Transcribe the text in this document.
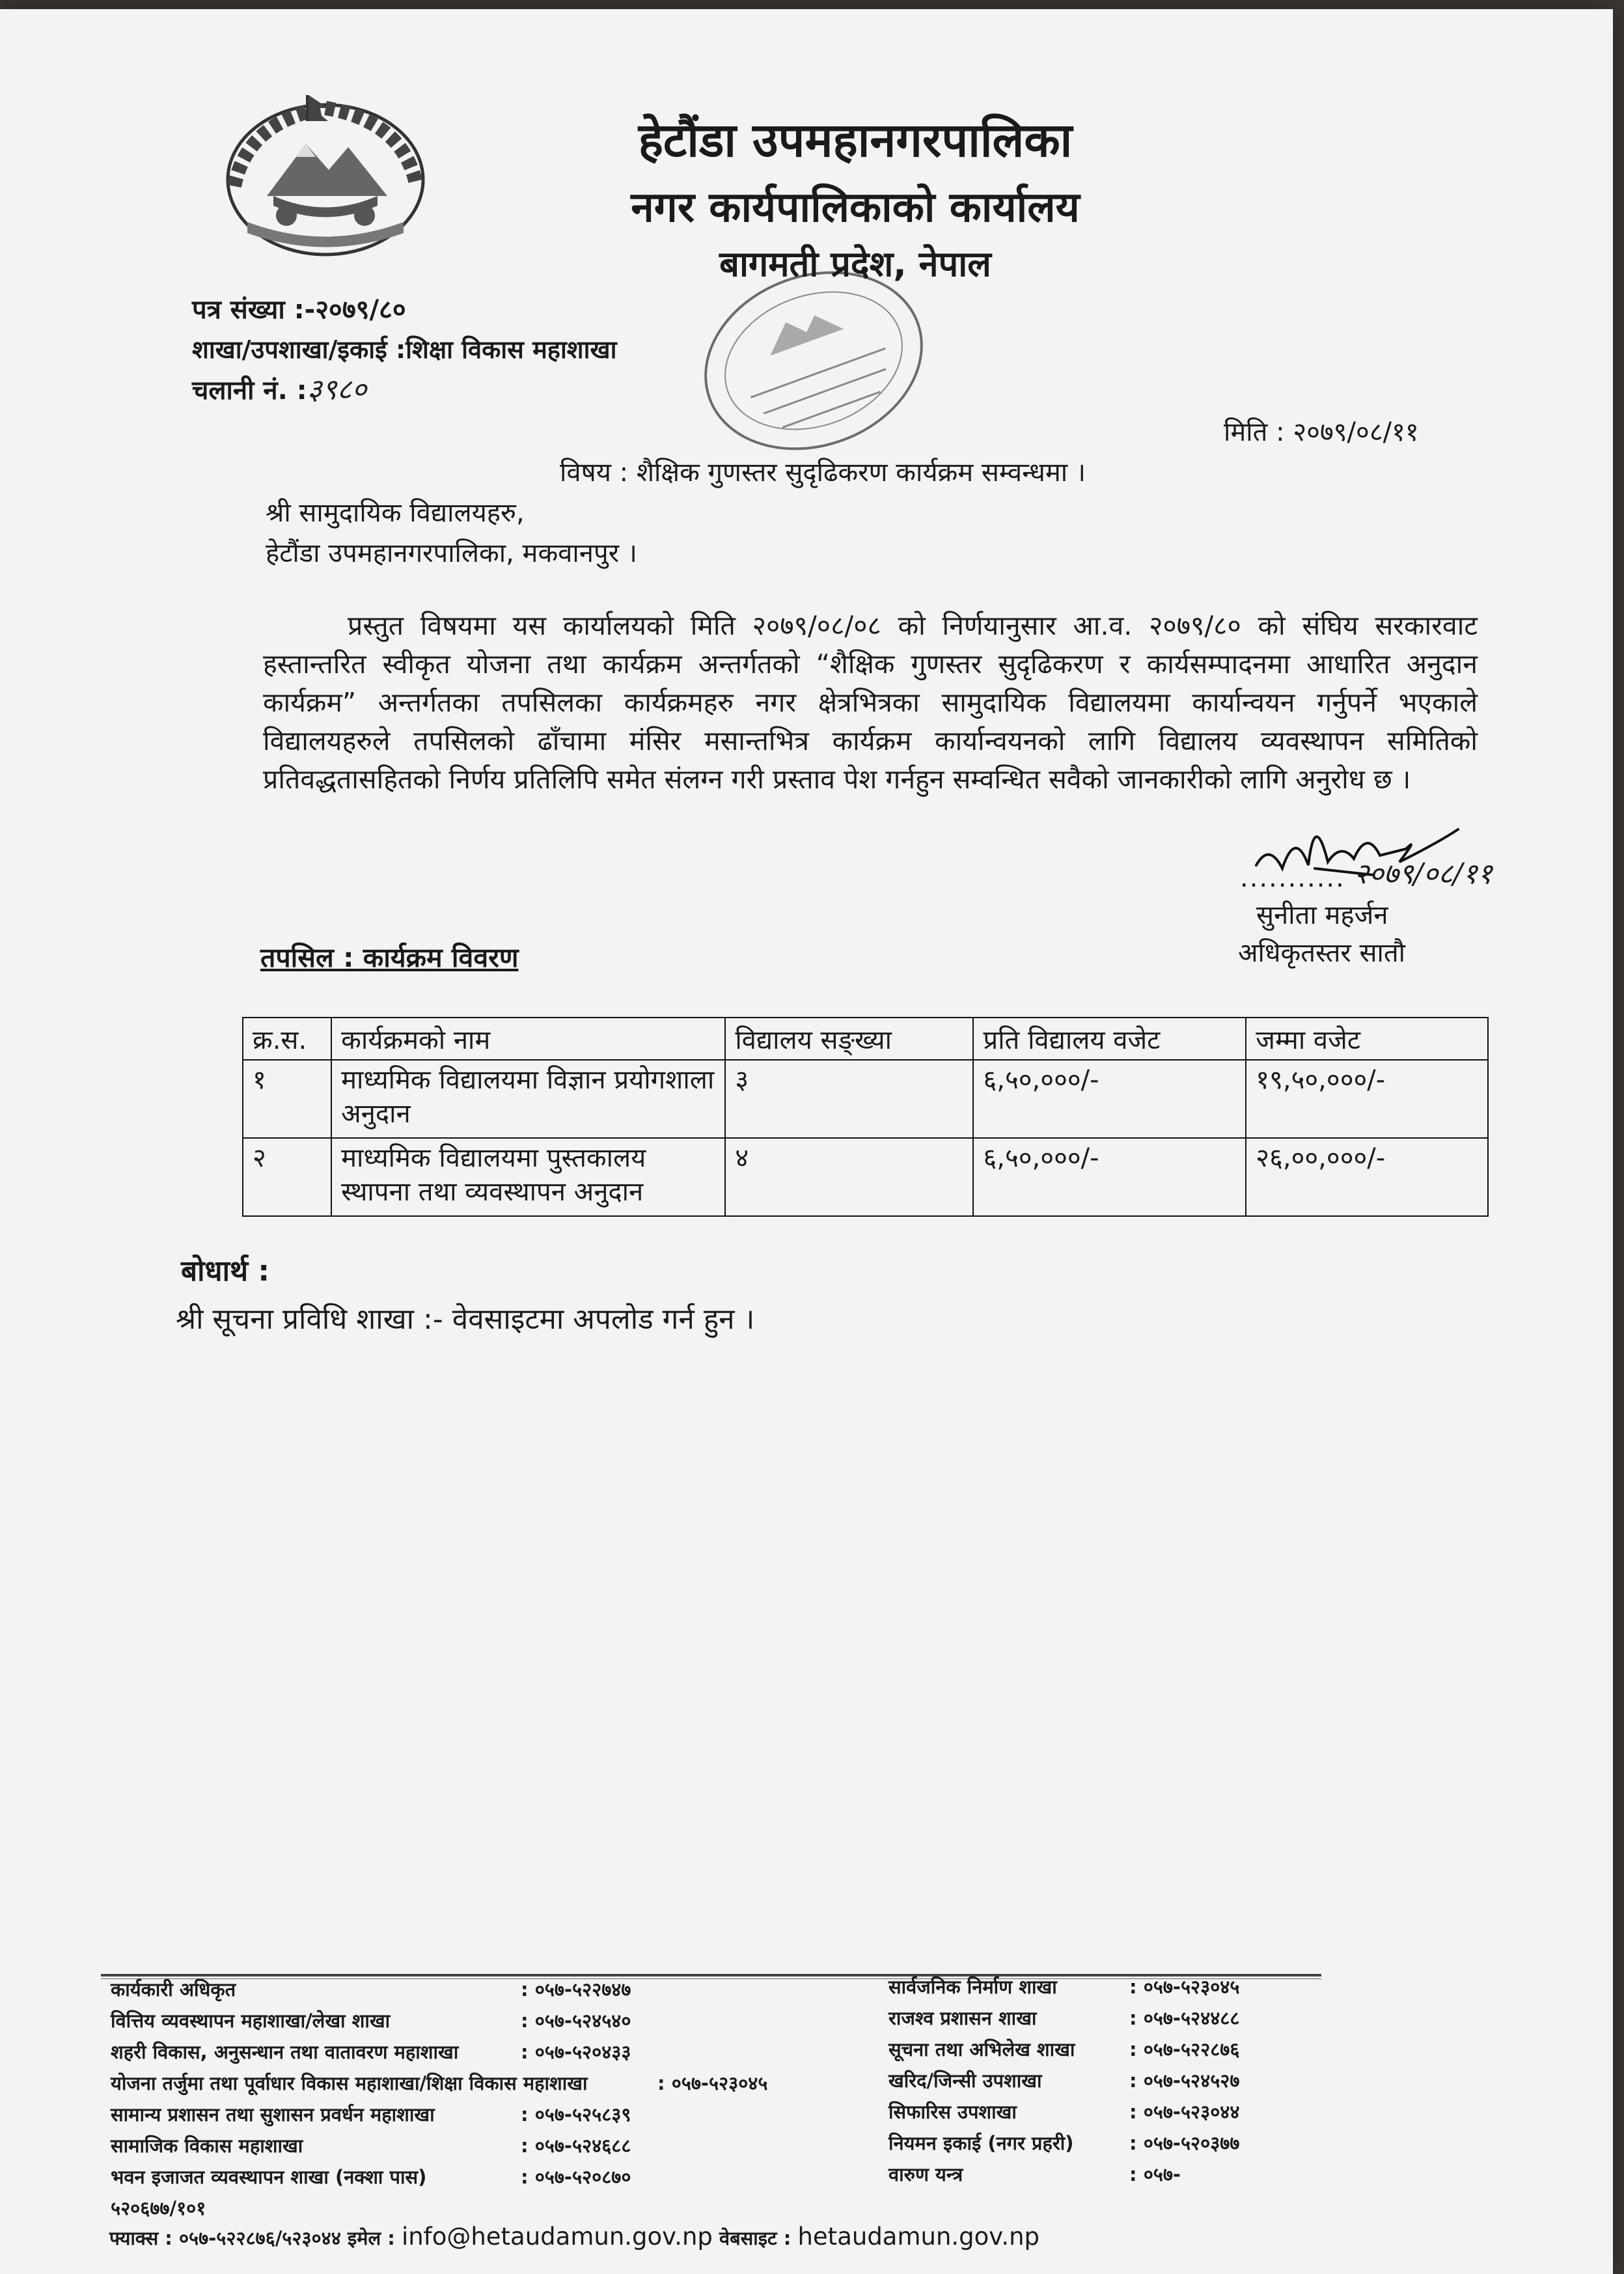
हेटौंडा उपमहानगरपालिका
नगर कार्यपालिकाको कार्यालय
बागमती प्रदेश, नेपाल
पत्र संख्या :-२०७९/८०
शाखा/उपशाखा/इकाई :शिक्षा विकास महाशाखा
चलानी नं. :३९८०
मिति : २०७९/०८/११
विषय : शैक्षिक गुणस्तर सुदृढिकरण कार्यक्रम सम्वन्धमा ।
श्री सामुदायिक विद्यालयहरु,
हेटौंडा उपमहानगरपालिका, मकवानपुर ।
प्रस्तुत विषयमा यस कार्यालयको मिति २०७९/०८/०८ को निर्णयानुसार आ.व. २०७९/८० को संघिय सरकारवाट हस्तान्तरित स्वीकृत योजना तथा कार्यक्रम अन्तर्गतको “शैक्षिक गुणस्तर सुदृढिकरण र कार्यसम्पादनमा आधारित अनुदान कार्यक्रम” अन्तर्गतका तपसिलका कार्यक्रमहरु नगर क्षेत्रभित्रका सामुदायिक विद्यालयमा कार्यान्वयन गर्नुपर्ने भएकाले विद्यालयहरुले तपसिलको ढाँचामा मंसिर मसान्तभित्र कार्यक्रम कार्यान्वयनको लागि विद्यालय व्यवस्थापन समितिको प्रतिवद्धतासहितको निर्णय प्रतिलिपि समेत संलग्न गरी प्रस्ताव पेश गर्नहुन सम्वन्धित सवैको जानकारीको लागि अनुरोध छ ।
........... २०७९/०८/११
सुनीता महर्जन
अधिकृतस्तर सातौ
तपसिल : कार्यक्रम विवरण
क्र.स.	कार्यक्रमको नाम	विद्यालय सङ्ख्या	प्रति विद्यालय वजेट	जम्मा वजेट
१	माध्यमिक विद्यालयमा विज्ञान प्रयोगशाला अनुदान	३	६,५०,०००/-	१९,५०,०००/-
२	माध्यमिक विद्यालयमा पुस्तकालय स्थापना तथा व्यवस्थापन अनुदान	४	६,५०,०००/-	२६,००,०००/-
बोधार्थ :
श्री सूचना प्रविधि शाखा :- वेवसाइटमा अपलोड गर्न हुन ।
कार्यकारी अधिकृत	: ०५७-५२२७४७
वित्तिय व्यवस्थापन महाशाखा/लेखा शाखा	: ०५७-५२४५४०
शहरी विकास, अनुसन्धान तथा वातावरण महाशाखा	: ०५७-५२०४३३
योजना तर्जुमा तथा पूर्वाधार विकास महाशाखा/शिक्षा विकास महाशाखा	: ०५७-५२३०४५
सामान्य प्रशासन तथा सुशासन प्रवर्धन महाशाखा	: ०५७-५२५८३९
सामाजिक विकास महाशाखा	: ०५७-५२४६८८
भवन इजाजत व्यवस्थापन शाखा (नक्शा पास)	: ०५७-५२०८७०
सार्वजनिक निर्माण शाखा	: ०५७-५२३०४५
राजश्व प्रशासन शाखा	: ०५७-५२४४८८
सूचना तथा अभिलेख शाखा	: ०५७-५२२८७६
खरिद/जिन्सी उपशाखा	: ०५७-५२४५२७
सिफारिस उपशाखा	: ०५७-५२३०४४
नियमन इकाई (नगर प्रहरी)	: ०५७-५२०३७७
वारुण यन्त्र	: ०५७-
५२०६७७/१०१
फ्याक्स : ०५७-५२२८७६/५२३०४४ इमेल : info@hetaudamun.gov.np वेबसाइट : hetaudamun.gov.np
